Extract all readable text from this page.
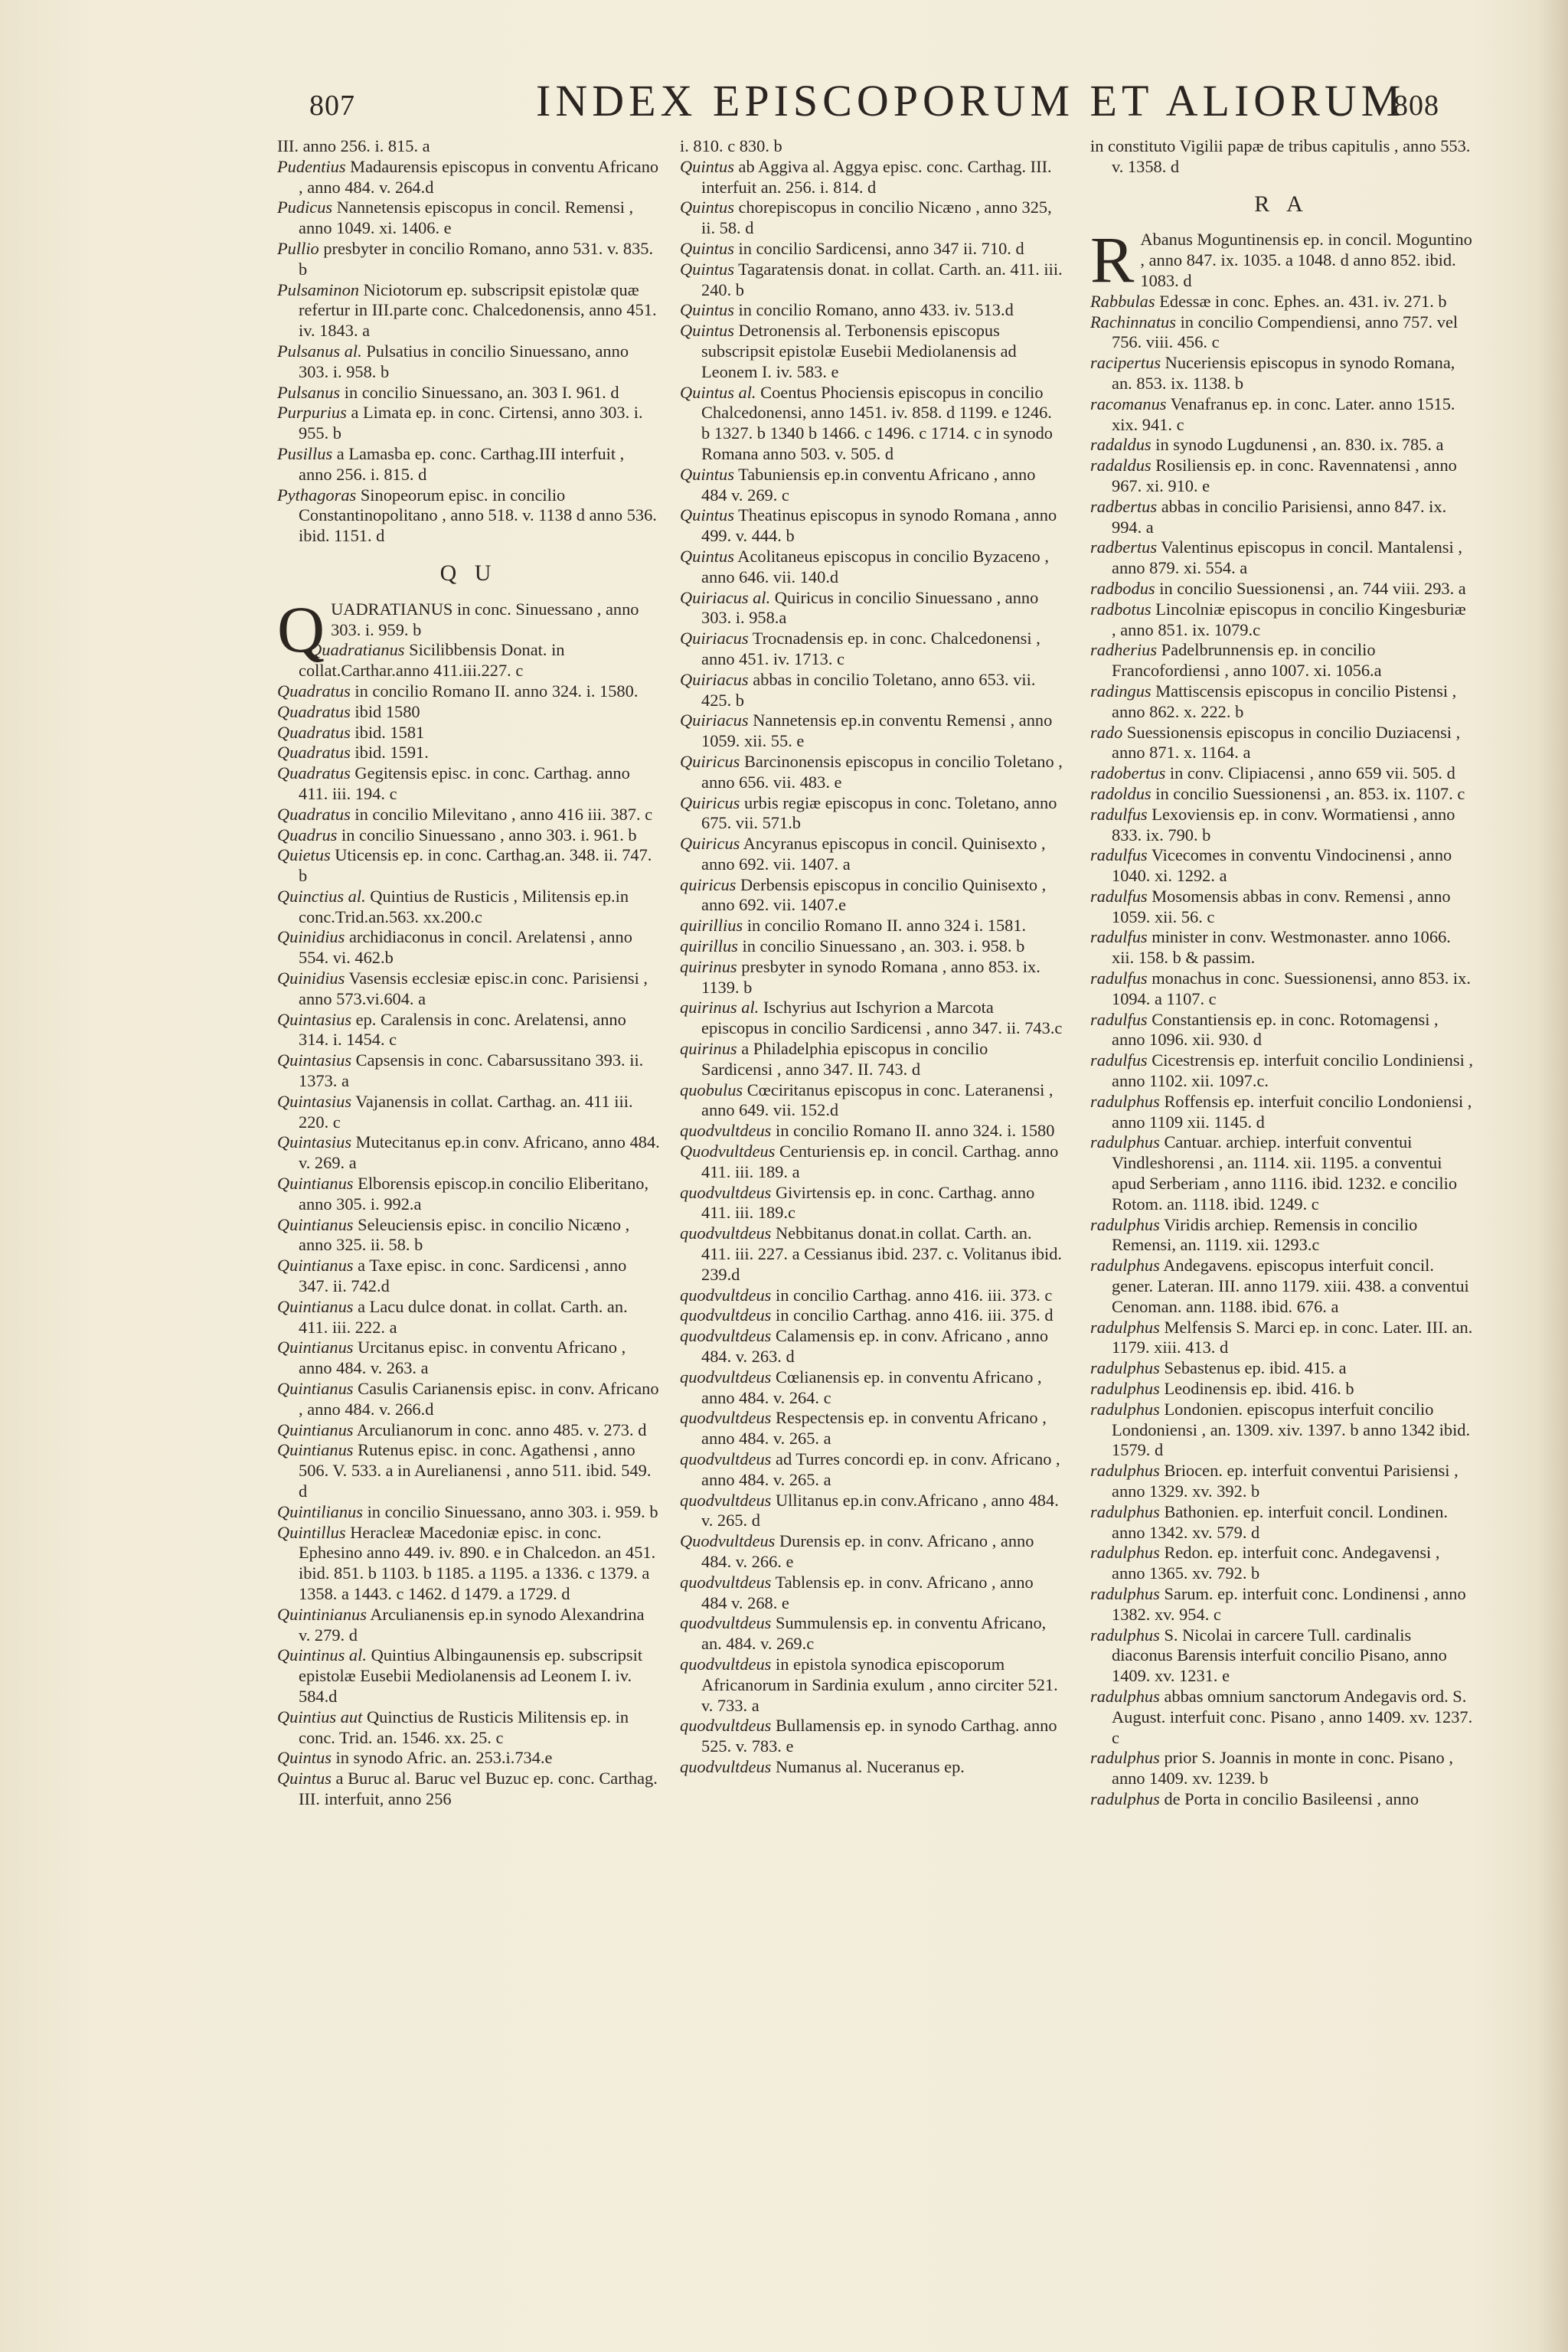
807	INDEX EPISCOPORUM ET ALIORUM
808

III. anno 256. i. 815. a

Pudentius Madaurensis episcopus in conventu Africano , anno 484. v. 264.d

Pudicus Nannetensis episcopus in concil. Remensi , anno 1049. xi. 1406. e

Pullio presbyter in concilio Romano, anno 531. v. 835. b

Pulsaminon Niciotorum ep. subscripsit epistolæ quæ refertur in III.parte conc. Chalcedonensis, anno 451. iv. 1843. a

Pulsanus al. Pulsatius in concilio Sinuessano, anno 303. i. 958. b

Pulsanus in concilio Sinuessano, an. 303 I. 961. d

Purpurius a Limata ep. in conc. Cirtensi, anno 303. i. 955. b

Pusillus a Lamasba ep. conc. Carthag.III interfuit , anno 256. i. 815. d

Pythagoras Sinopeorum episc. in concilio Constantinopolitano , anno 518. v. 1138 d anno 536. ibid. 1151. d

Q U

QUADRATIANUS in conc. Sinuessano , anno 303. i. 959. b

Quadratianus Sicilibbensis Donat. in collat.Carthar.anno 411.iii.227. c

Quadratus in concilio Romano II. anno 324. i. 1580.

Quadratus ibid 1580

Quadratus ibid. 1581

Quadratus ibid. 1591.

Quadratus Gegitensis episc. in conc. Carthag. anno 411. iii. 194. c

Quadratus in concilio Milevitano , anno 416 iii. 387. c

Quadrus in concilio Sinuessano , anno 303. i. 961. b

Quietus Uticensis ep. in conc. Carthag.an. 348. ii. 747. b

Quinctius al. Quintius de Rusticis , Militensis ep.in conc.Trid.an.563. xx.200.c

Quinidius archidiaconus in concil. Arelatensi , anno 554. vi. 462.b

Quinidius Vasensis ecclesiæ episc.in conc. Parisiensi , anno 573.vi.604. a

Quintasius ep. Caralensis in conc. Arelatensi, anno 314. i. 1454. c

Quintasius Capsensis in conc. Cabarsussitano 393. ii. 1373. a

Quintasius Vajanensis in collat. Carthag. an. 411 iii. 220. c

Quintasius Mutecitanus ep.in conv. Africano, anno 484. v. 269. a

Quintianus Elborensis episcop.in concilio Eliberitano, anno 305. i. 992.a

Quintianus Seleuciensis episc. in concilio Nicæno , anno 325. ii. 58. b

Quintianus a Taxe episc. in conc. Sardicensi , anno 347. ii. 742.d

Quintianus a Lacu dulce donat. in collat. Carth. an. 411. iii. 222. a

Quintianus Urcitanus episc. in conventu Africano , anno 484. v. 263. a

Quintianus Casulis Carianensis episc. in conv. Africano , anno 484. v. 266.d

Quintianus Arculianorum in conc. anno 485. v. 273. d

Quintianus Rutenus episc. in conc. Agathensi , anno 506. V. 533. a in Aurelianensi , anno 511. ibid. 549. d

Quintilianus in concilio Sinuessano, anno 303. i. 959. b

Quintillus Heracleæ Macedoniæ episc. in conc. Ephesino anno 449. iv. 890. e in Chalcedon. an 451. ibid. 851. b 1103. b 1185. a 1195. a 1336. c 1379. a 1358. a 1443. c 1462. d 1479. a 1729. d

Quintinianus Arculianensis ep.in synodo Alexandrina v. 279. d

Quintinus al. Quintius Albingaunensis ep. subscripsit epistolæ Eusebii Mediolanensis ad Leonem I. iv. 584.d

Quintius aut Quinctius de Rusticis Militensis ep. in conc. Trid. an. 1546. xx. 25. c

Quintus in synodo Afric. an. 253.i.734.e

Quintus a Buruc al. Baruc vel Buzuc ep. conc. Carthag. III. interfuit, anno 256

i. 810. c 830. b

Quintus ab Aggiva al. Aggya episc. conc. Carthag. III. interfuit an. 256. i. 814. d

Quintus chorepiscopus in concilio Nicæno , anno 325, ii. 58. d

Quintus in concilio Sardicensi, anno 347 ii. 710. d

Quintus Tagaratensis donat. in collat. Carth. an. 411. iii. 240. b

Quintus in concilio Romano, anno 433. iv. 513.d

Quintus Detronensis al. Terbonensis episcopus subscripsit epistolæ Eusebii Mediolanensis ad Leonem I. iv. 583. e

Quintus al. Coentus Phociensis episcopus in concilio Chalcedonensi, anno 1451. iv. 858. d 1199. e 1246. b 1327. b 1340 b 1466. c 1496. c 1714. c in synodo Romana anno 503. v. 505. d

Quintus Tabuniensis ep.in conventu Africano , anno 484 v. 269. c

Quintus Theatinus episcopus in synodo Romana , anno 499. v. 444. b

Quintus Acolitaneus episcopus in concilio Byzaceno , anno 646. vii. 140.d

Quiriacus al. Quiricus in concilio Sinuessano , anno 303. i. 958.a

Quiriacus Trocnadensis ep. in conc. Chalcedonensi , anno 451. iv. 1713. c

Quiriacus abbas in concilio Toletano, anno 653. vii. 425. b

Quiriacus Nannetensis ep.in conventu Remensi , anno 1059. xii. 55. e

Quiricus Barcinonensis episcopus in concilio Toletano , anno 656. vii. 483. e

Quiricus urbis regiæ episcopus in conc. Toletano, anno 675. vii. 571.b

Quiricus Ancyranus episcopus in concil. Quinisexto , anno 692. vii. 1407. a

quiricus Derbensis episcopus in concilio Quinisexto , anno 692. vii. 1407.e

quirillius in concilio Romano II. anno 324 i. 1581.

quirillus in concilio Sinuessano , an. 303. i. 958. b

quirinus presbyter in synodo Romana , anno 853. ix. 1139. b

quirinus al. Ischyrius aut Ischyrion a Marcota episcopus in concilio Sardicensi , anno 347. ii. 743.c

quirinus a Philadelphia episcopus in concilio Sardicensi , anno 347. II. 743. d

quobulus Cœciritanus episcopus in conc. Lateranensi , anno 649. vii. 152.d

quodvultdeus in concilio Romano II. anno 324. i. 1580

Quodvultdeus Centuriensis ep. in concil. Carthag. anno 411. iii. 189. a

quodvultdeus Givirtensis ep. in conc. Carthag. anno 411. iii. 189.c

quodvultdeus Nebbitanus donat.in collat. Carth. an. 411. iii. 227. a Cessianus ibid. 237. c. Volitanus ibid. 239.d

quodvultdeus in concilio Carthag. anno 416. iii. 373. c

quodvultdeus in concilio Carthag. anno 416. iii. 375. d

quodvultdeus Calamensis ep. in conv. Africano , anno 484. v. 263. d

quodvultdeus Cœlianensis ep. in conventu Africano , anno 484. v. 264. c

quodvultdeus Respectensis ep. in conventu Africano , anno 484. v. 265. a

quodvultdeus ad Turres concordi ep. in conv. Africano , anno 484. v. 265. a

quodvultdeus Ullitanus ep.in conv.Africano , anno 484. v. 265. d

Quodvultdeus Durensis ep. in conv. Africano , anno 484. v. 266. e

quodvultdeus Tablensis ep. in conv. Africano , anno 484 v. 268. e

quodvultdeus Summulensis ep. in conventu Africano, an. 484. v. 269.c

quodvultdeus in epistola synodica episcoporum Africanorum in Sardinia exulum , anno circiter 521. v. 733. a

quodvultdeus Bullamensis ep. in synodo Carthag. anno 525. v. 783. e

quodvultdeus Numanus al. Nuceranus ep.

in constituto Vigilii papæ de tribus capitulis , anno 553. v. 1358. d

R A

R Abanus Moguntinensis ep. in concil. Moguntino , anno 847. ix. 1035. a 1048. d anno 852. ibid. 1083. d

Rabbulas Edessæ in conc. Ephes. an. 431. iv. 271. b

Rachinnatus in concilio Compendiensi, anno 757. vel 756. viii. 456. c

racipertus Nuceriensis episcopus in synodo Romana, an. 853. ix. 1138. b

racomanus Venafranus ep. in conc. Later. anno 1515. xix. 941. c

radaldus in synodo Lugdunensi , an. 830. ix. 785. a

radaldus Rosiliensis ep. in conc. Ravennatensi , anno 967. xi. 910. e

radbertus abbas in concilio Parisiensi, anno 847. ix. 994. a

radbertus Valentinus episcopus in concil. Mantalensi , anno 879. xi. 554. a

radbodus in concilio Suessionensi , an. 744 viii. 293. a

radbotus Lincolniæ episcopus in concilio Kingesburiæ , anno 851. ix. 1079.c

radherius Padelbrunnensis ep. in concilio Francofordiensi , anno 1007. xi. 1056.a

radingus Mattiscensis episcopus in concilio Pistensi , anno 862. x. 222. b

rado Suessionensis episcopus in concilio Duziacensi , anno 871. x. 1164. a

radobertus in conv. Clipiacensi , anno 659 vii. 505. d

radoldus in concilio Suessionensi , an. 853. ix. 1107. c

radulfus Lexoviensis ep. in conv. Wormatiensi , anno 833. ix. 790. b

radulfus Vicecomes in conventu Vindocinensi , anno 1040. xi. 1292. a

radulfus Mosomensis abbas in conv. Remensi , anno 1059. xii. 56. c

radulfus minister in conv. Westmonaster. anno 1066. xii. 158. b & passim.

radulfus monachus in conc. Suessionensi, anno 853. ix. 1094. a 1107. c

radulfus Constantiensis ep. in conc. Rotomagensi , anno 1096. xii. 930. d

radulfus Cicestrensis ep. interfuit concilio Londiniensi , anno 1102. xii. 1097.c.

radulphus Roffensis ep. interfuit concilio Londoniensi , anno 1109 xii. 1145. d

radulphus Cantuar. archiep. interfuit conventui Vindleshorensi , an. 1114. xii. 1195. a conventui apud Serberiam , anno 1116. ibid. 1232. e concilio Rotom. an. 1118. ibid. 1249. c

radulphus Viridis archiep. Remensis in concilio Remensi, an. 1119. xii. 1293.c

radulphus Andegavens. episcopus interfuit concil. gener. Lateran. III. anno 1179. xiii. 438. a conventui Cenoman. ann. 1188. ibid. 676. a

radulphus Melfensis S. Marci ep. in conc. Later. III. an. 1179. xiii. 413. d

radulphus Sebastenus ep. ibid. 415. a

radulphus Leodinensis ep. ibid. 416. b

radulphus Londonien. episcopus interfuit concilio Londoniensi , an. 1309. xiv. 1397. b anno 1342 ibid. 1579. d

radulphus Briocen. ep. interfuit conventui Parisiensi , anno 1329. xv. 392. b

radulphus Bathonien. ep. interfuit concil. Londinen. anno 1342. xv. 579. d

radulphus Redon. ep. interfuit conc. Andegavensi , anno 1365. xv. 792. b

radulphus Sarum. ep. interfuit conc. Londinensi , anno 1382. xv. 954. c

radulphus S. Nicolai in carcere Tull. cardinalis diaconus Barensis interfuit concilio Pisano, anno 1409. xv. 1231. e

radulphus abbas omnium sanctorum Andegavis ord. S. August. interfuit conc. Pisano , anno 1409. xv. 1237. c

radulphus prior S. Joannis in monte in conc. Pisano , anno 1409. xv. 1239. b

radulphus de Porta in concilio Basileensi , anno
